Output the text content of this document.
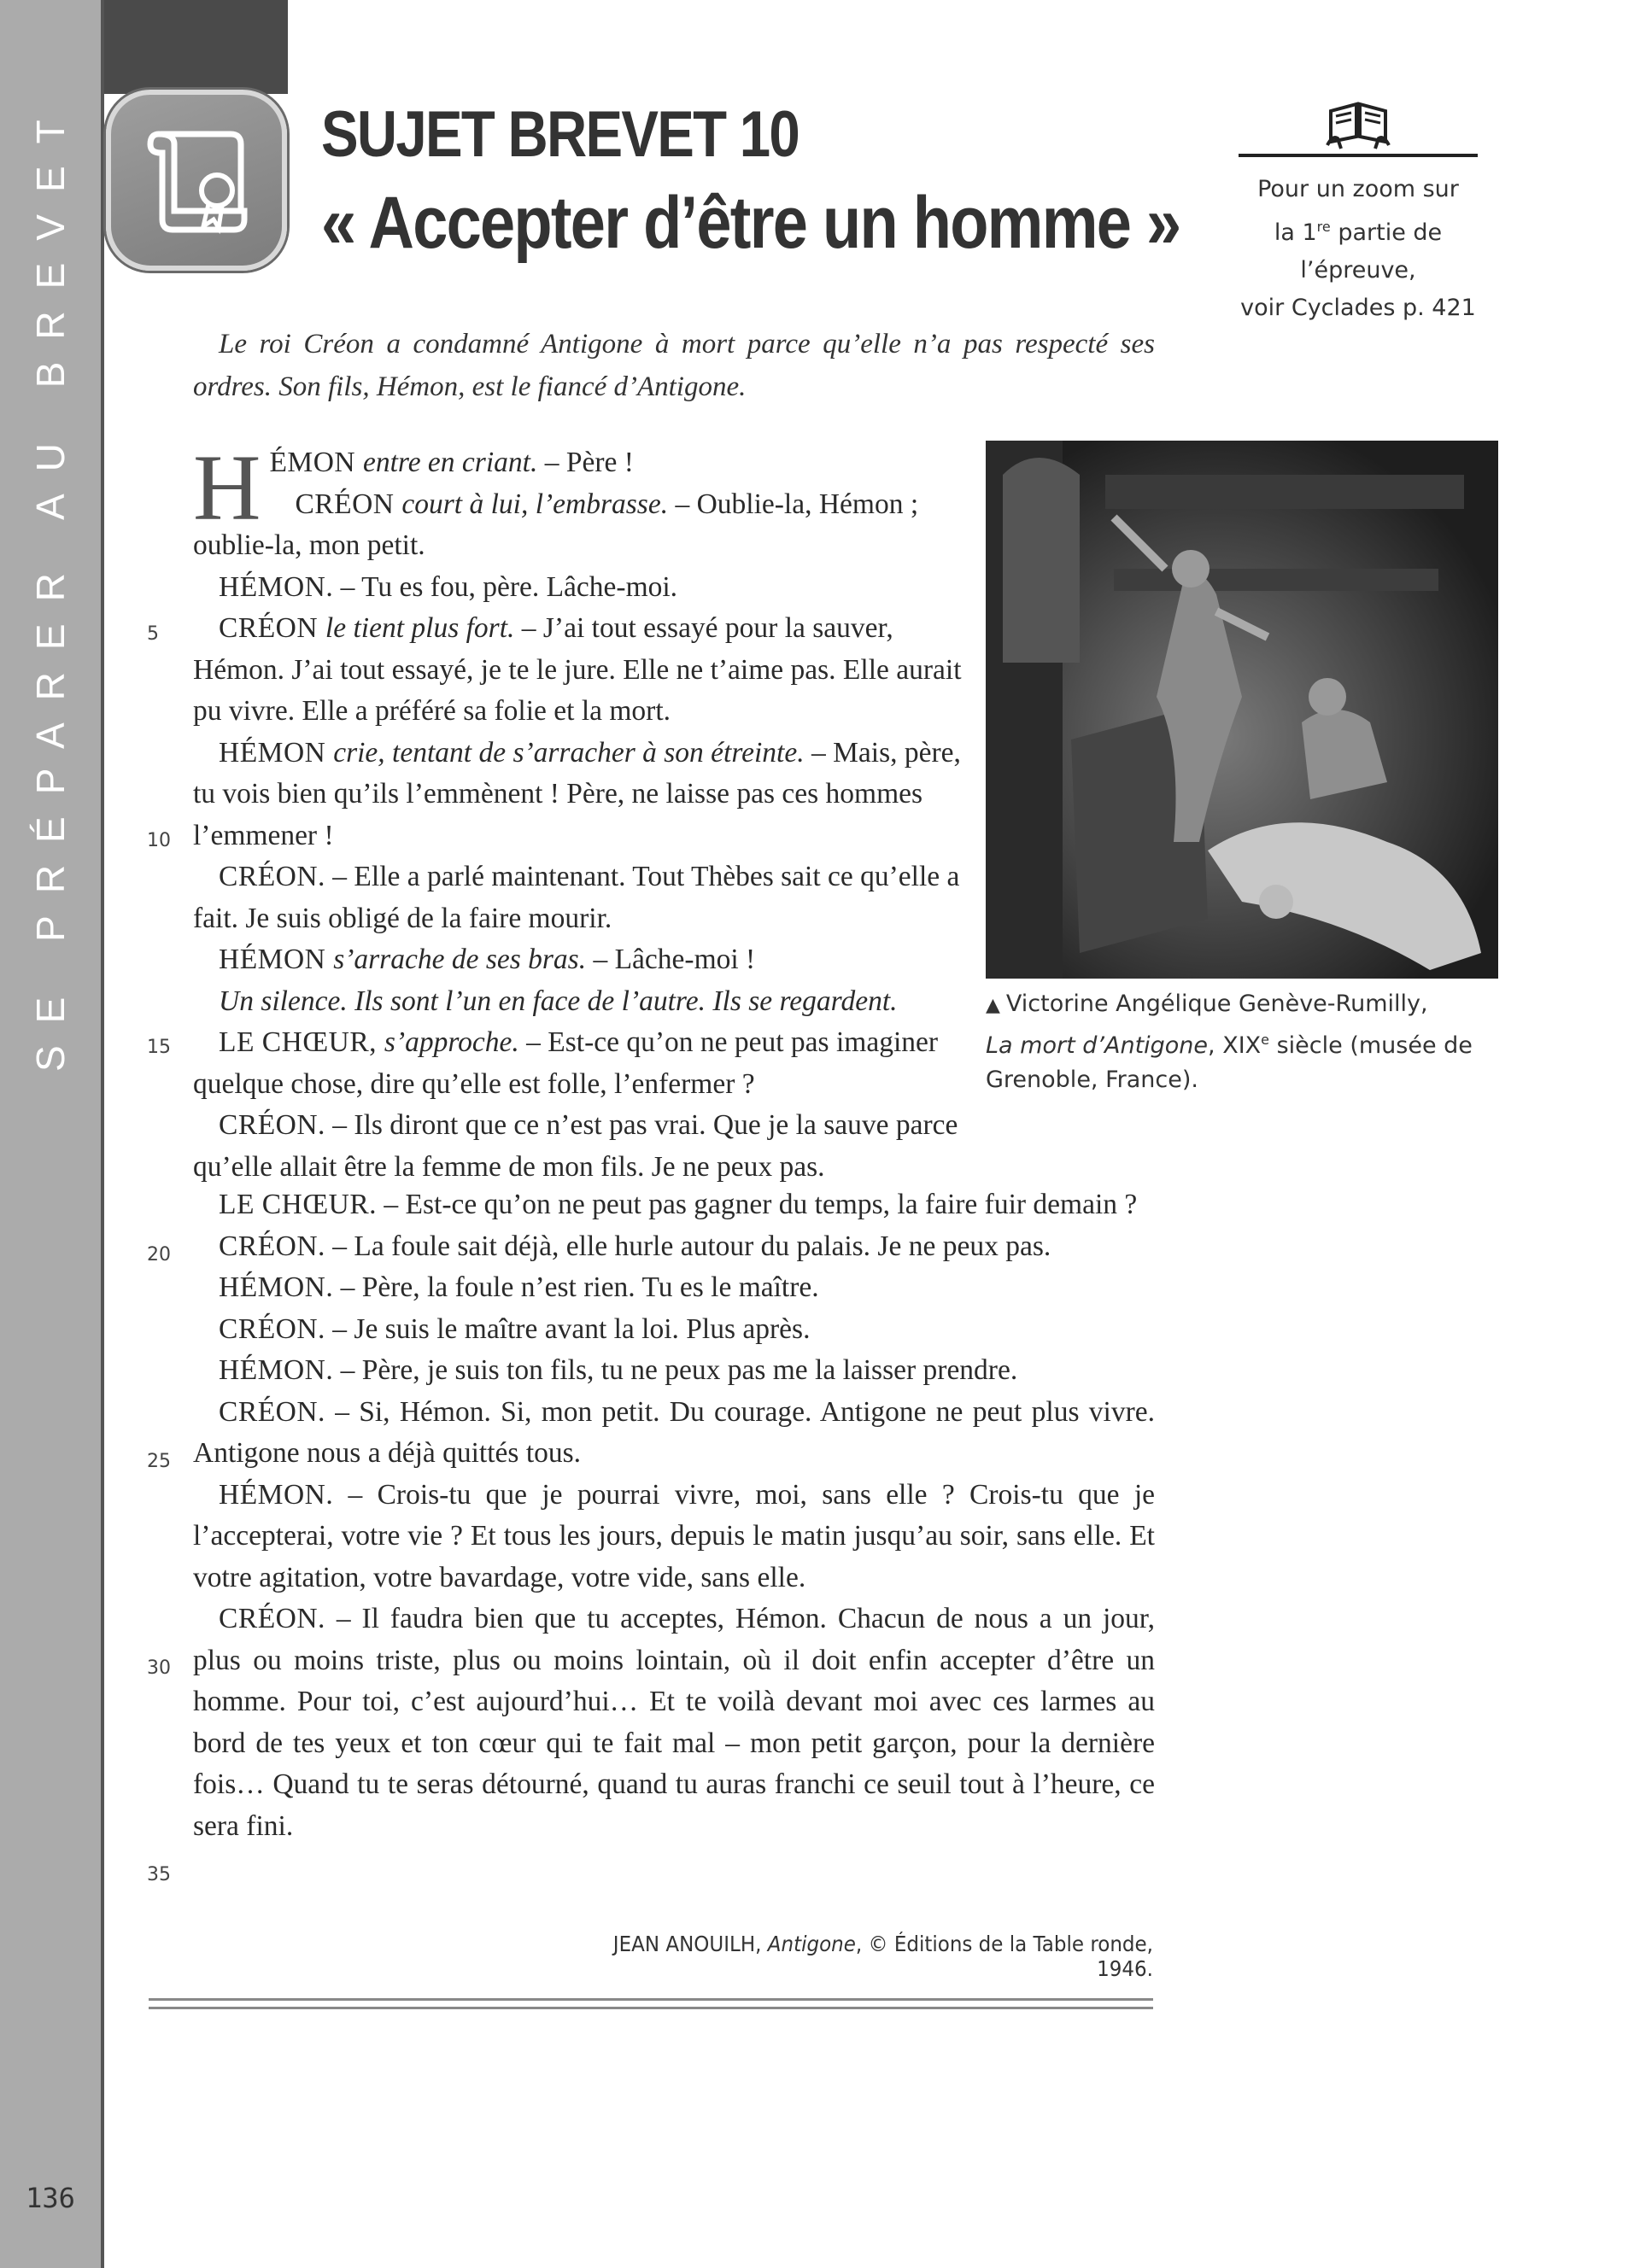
SE PRÉPARER AU BREVET
136
SUJET BREVET 10
« Accepter d’être un homme »	Pour un zoom sur
la 1re partie de l’épreuve,
voir Cyclades p. 421

Le roi Créon a condamné Antigone à mort parce qu’elle n’a pas respecté ses ordres. Son fils, Hémon, est le fiancé d’Antigone.

▲ Victorine Angélique Genève-Rumilly,
La mort d’Antigone, XIXe siècle (musée de Grenoble, France).

HÉMON entre en criant. – Père !

CRÉON court à lui, l’embrasse. – Oublie-la, Hémon ; oublie-la, mon petit.

HÉMON. – Tu es fou, père. Lâche-moi.

CRÉON le tient plus fort. – J’ai tout essayé pour la sauver, Hémon. J’ai tout essayé, je te le jure. Elle ne t’aime pas. Elle aurait pu vivre. Elle a préféré sa folie et la mort.

HÉMON crie, tentant de s’arracher à son étreinte. – Mais, père, tu vois bien qu’ils l’emmènent ! Père, ne laisse pas ces hommes l’emmener !

CRÉON. – Elle a parlé maintenant. Tout Thèbes sait ce qu’elle a fait. Je suis obligé de la faire mourir.

HÉMON s’arrache de ses bras. – Lâche-moi !

Un silence. Ils sont l’un en face de l’autre. Ils se regardent.

LE CHŒUR, s’approche. – Est-ce qu’on ne peut pas imaginer quelque chose, dire qu’elle est folle, l’enfermer ?

CRÉON. – Ils diront que ce n’est pas vrai. Que je la sauve parce qu’elle allait être la femme de mon fils. Je ne peux pas.

LE CHŒUR. – Est-ce qu’on ne peut pas gagner du temps, la faire fuir demain ?

CRÉON. – La foule sait déjà, elle hurle autour du palais. Je ne peux pas.

HÉMON. – Père, la foule n’est rien. Tu es le maître.

CRÉON. – Je suis le maître avant la loi. Plus après.

HÉMON. – Père, je suis ton fils, tu ne peux pas me la laisser prendre.

CRÉON. – Si, Hémon. Si, mon petit. Du courage. Antigone ne peut plus vivre. Antigone nous a déjà quittés tous.

HÉMON. – Crois-tu que je pourrai vivre, moi, sans elle ? Crois-tu que je l’accepterai, votre vie ? Et tous les jours, depuis le matin jusqu’au soir, sans elle. Et votre agitation, votre bavardage, votre vide, sans elle.

CRÉON. – Il faudra bien que tu acceptes, Hémon. Chacun de nous a un jour, plus ou moins triste, plus ou moins lointain, où il doit enfin accepter d’être un homme. Pour toi, c’est aujourd’hui… Et te voilà devant moi avec ces larmes au bord de tes yeux et ton cœur qui te fait mal – mon petit garçon, pour la dernière fois… Quand tu te seras détourné, quand tu auras franchi ce seuil tout à l’heure, ce sera fini.

5
10
15
20
25
30
35
JEAN ANOUILH, Antigone, © Éditions de la Table ronde, 1946.
